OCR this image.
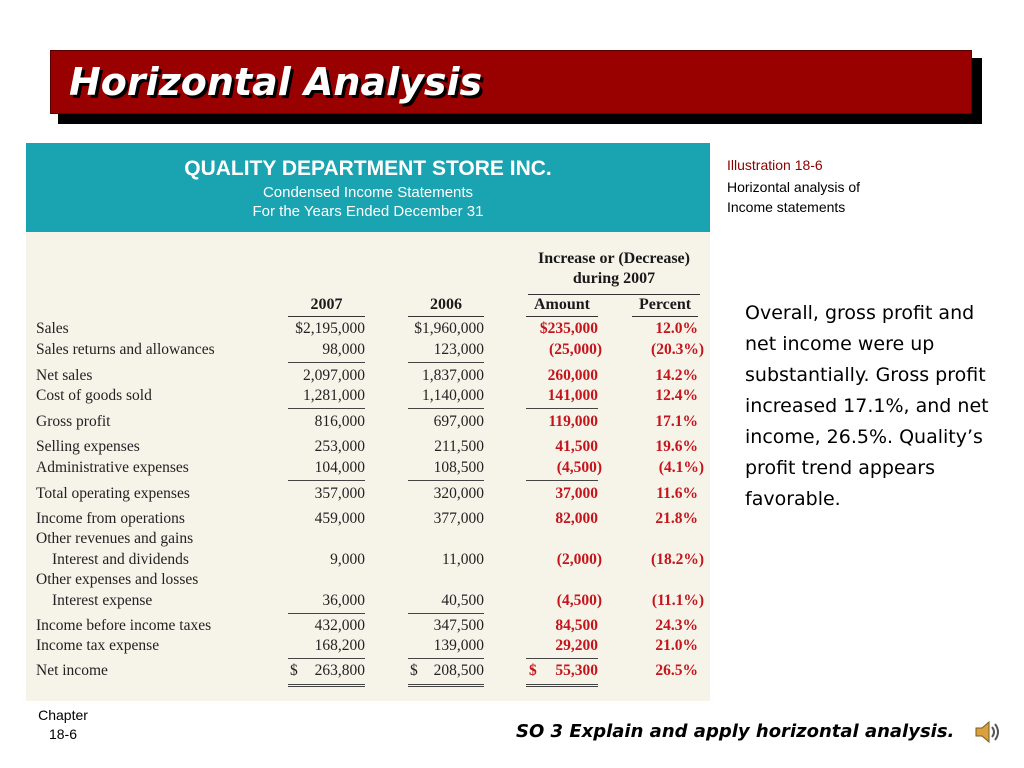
Horizontal Analysis
QUALITY DEPARTMENT STORE INC.
Condensed Income Statements
For the Years Ended December 31
Increase or (Decrease)
during 2007
2007	2006	Amount	Percent
Sales	$2,195,000	$1,960,000	$235,000	12.0%
Sales returns and allowances	98,000	123,000	(25,000)	(20.3%)
Net sales	2,097,000	1,837,000	260,000	14.2%
Cost of goods sold	1,281,000	1,140,000	141,000	12.4%
Gross profit	816,000	697,000	119,000	17.1%
Selling expenses	253,000	211,500	41,500	19.6%
Administrative expenses	104,000	108,500	(4,500)	(4.1%)
Total operating expenses	357,000	320,000	37,000	11.6%
Income from operations	459,000	377,000	82,000	21.8%
Other revenues and gains
Interest and dividends	9,000	11,000	(2,000)	(18.2%)
Other expenses and losses
Interest expense	36,000	40,500	(4,500)	(11.1%)
Income before income taxes	432,000	347,500	84,500	24.3%
Income tax expense	168,200	139,000	29,200	21.0%
Net income	$	263,800	$	208,500	$	55,300	26.5%
Illustration 18-6
Horizontal analysis of
Income statements
Overall, gross profit and net income were up substantially. Gross profit increased 17.1%, and net income, 26.5%. Quality’s profit trend appears favorable.
Chapter
18-6	SO 3 Explain and apply horizontal analysis.
